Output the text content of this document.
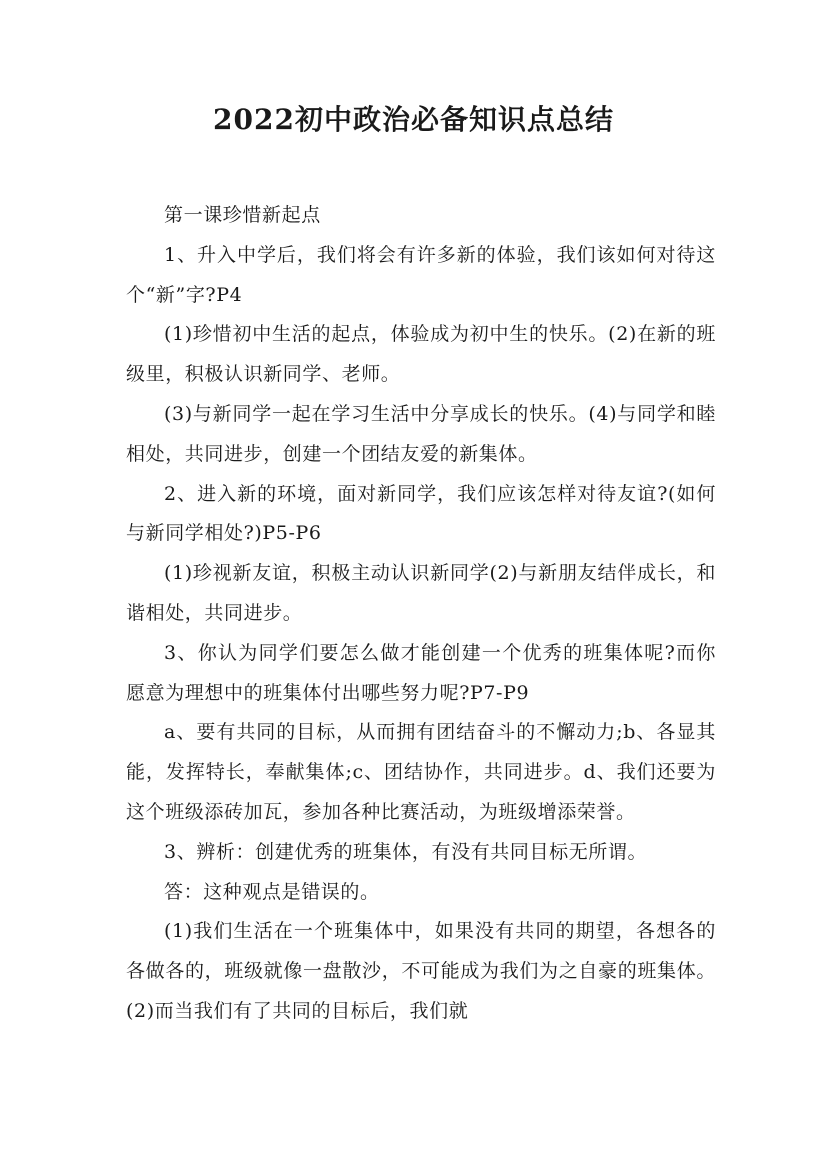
2022初中政治必备知识点总结

第一课珍惜新起点

1、升入中学后，我们将会有许多新的体验，我们该如何对待这个“新”字?P4

(1)珍惜初中生活的起点，体验成为初中生的快乐。(2)在新的班级里，积极认识新同学、老师。

(3)与新同学一起在学习生活中分享成长的快乐。(4)与同学和睦相处，共同进步，创建一个团结友爱的新集体。

2、进入新的环境，面对新同学，我们应该怎样对待友谊?(如何与新同学相处?)P5-P6

(1)珍视新友谊，积极主动认识新同学(2)与新朋友结伴成长，和谐相处，共同进步。

3、你认为同学们要怎么做才能创建一个优秀的班集体呢?而你愿意为理想中的班集体付出哪些努力呢?P7-P9

a、要有共同的目标，从而拥有团结奋斗的不懈动力;b、各显其能，发挥特长，奉献集体;c、团结协作，共同进步。d、我们还要为这个班级添砖加瓦，参加各种比赛活动，为班级增添荣誉。

3、辨析：创建优秀的班集体，有没有共同目标无所谓。

答：这种观点是错误的。

(1)我们生活在一个班集体中，如果没有共同的期望，各想各的各做各的，班级就像一盘散沙，不可能成为我们为之自豪的班集体。(2)而当我们有了共同的目标后，我们就
